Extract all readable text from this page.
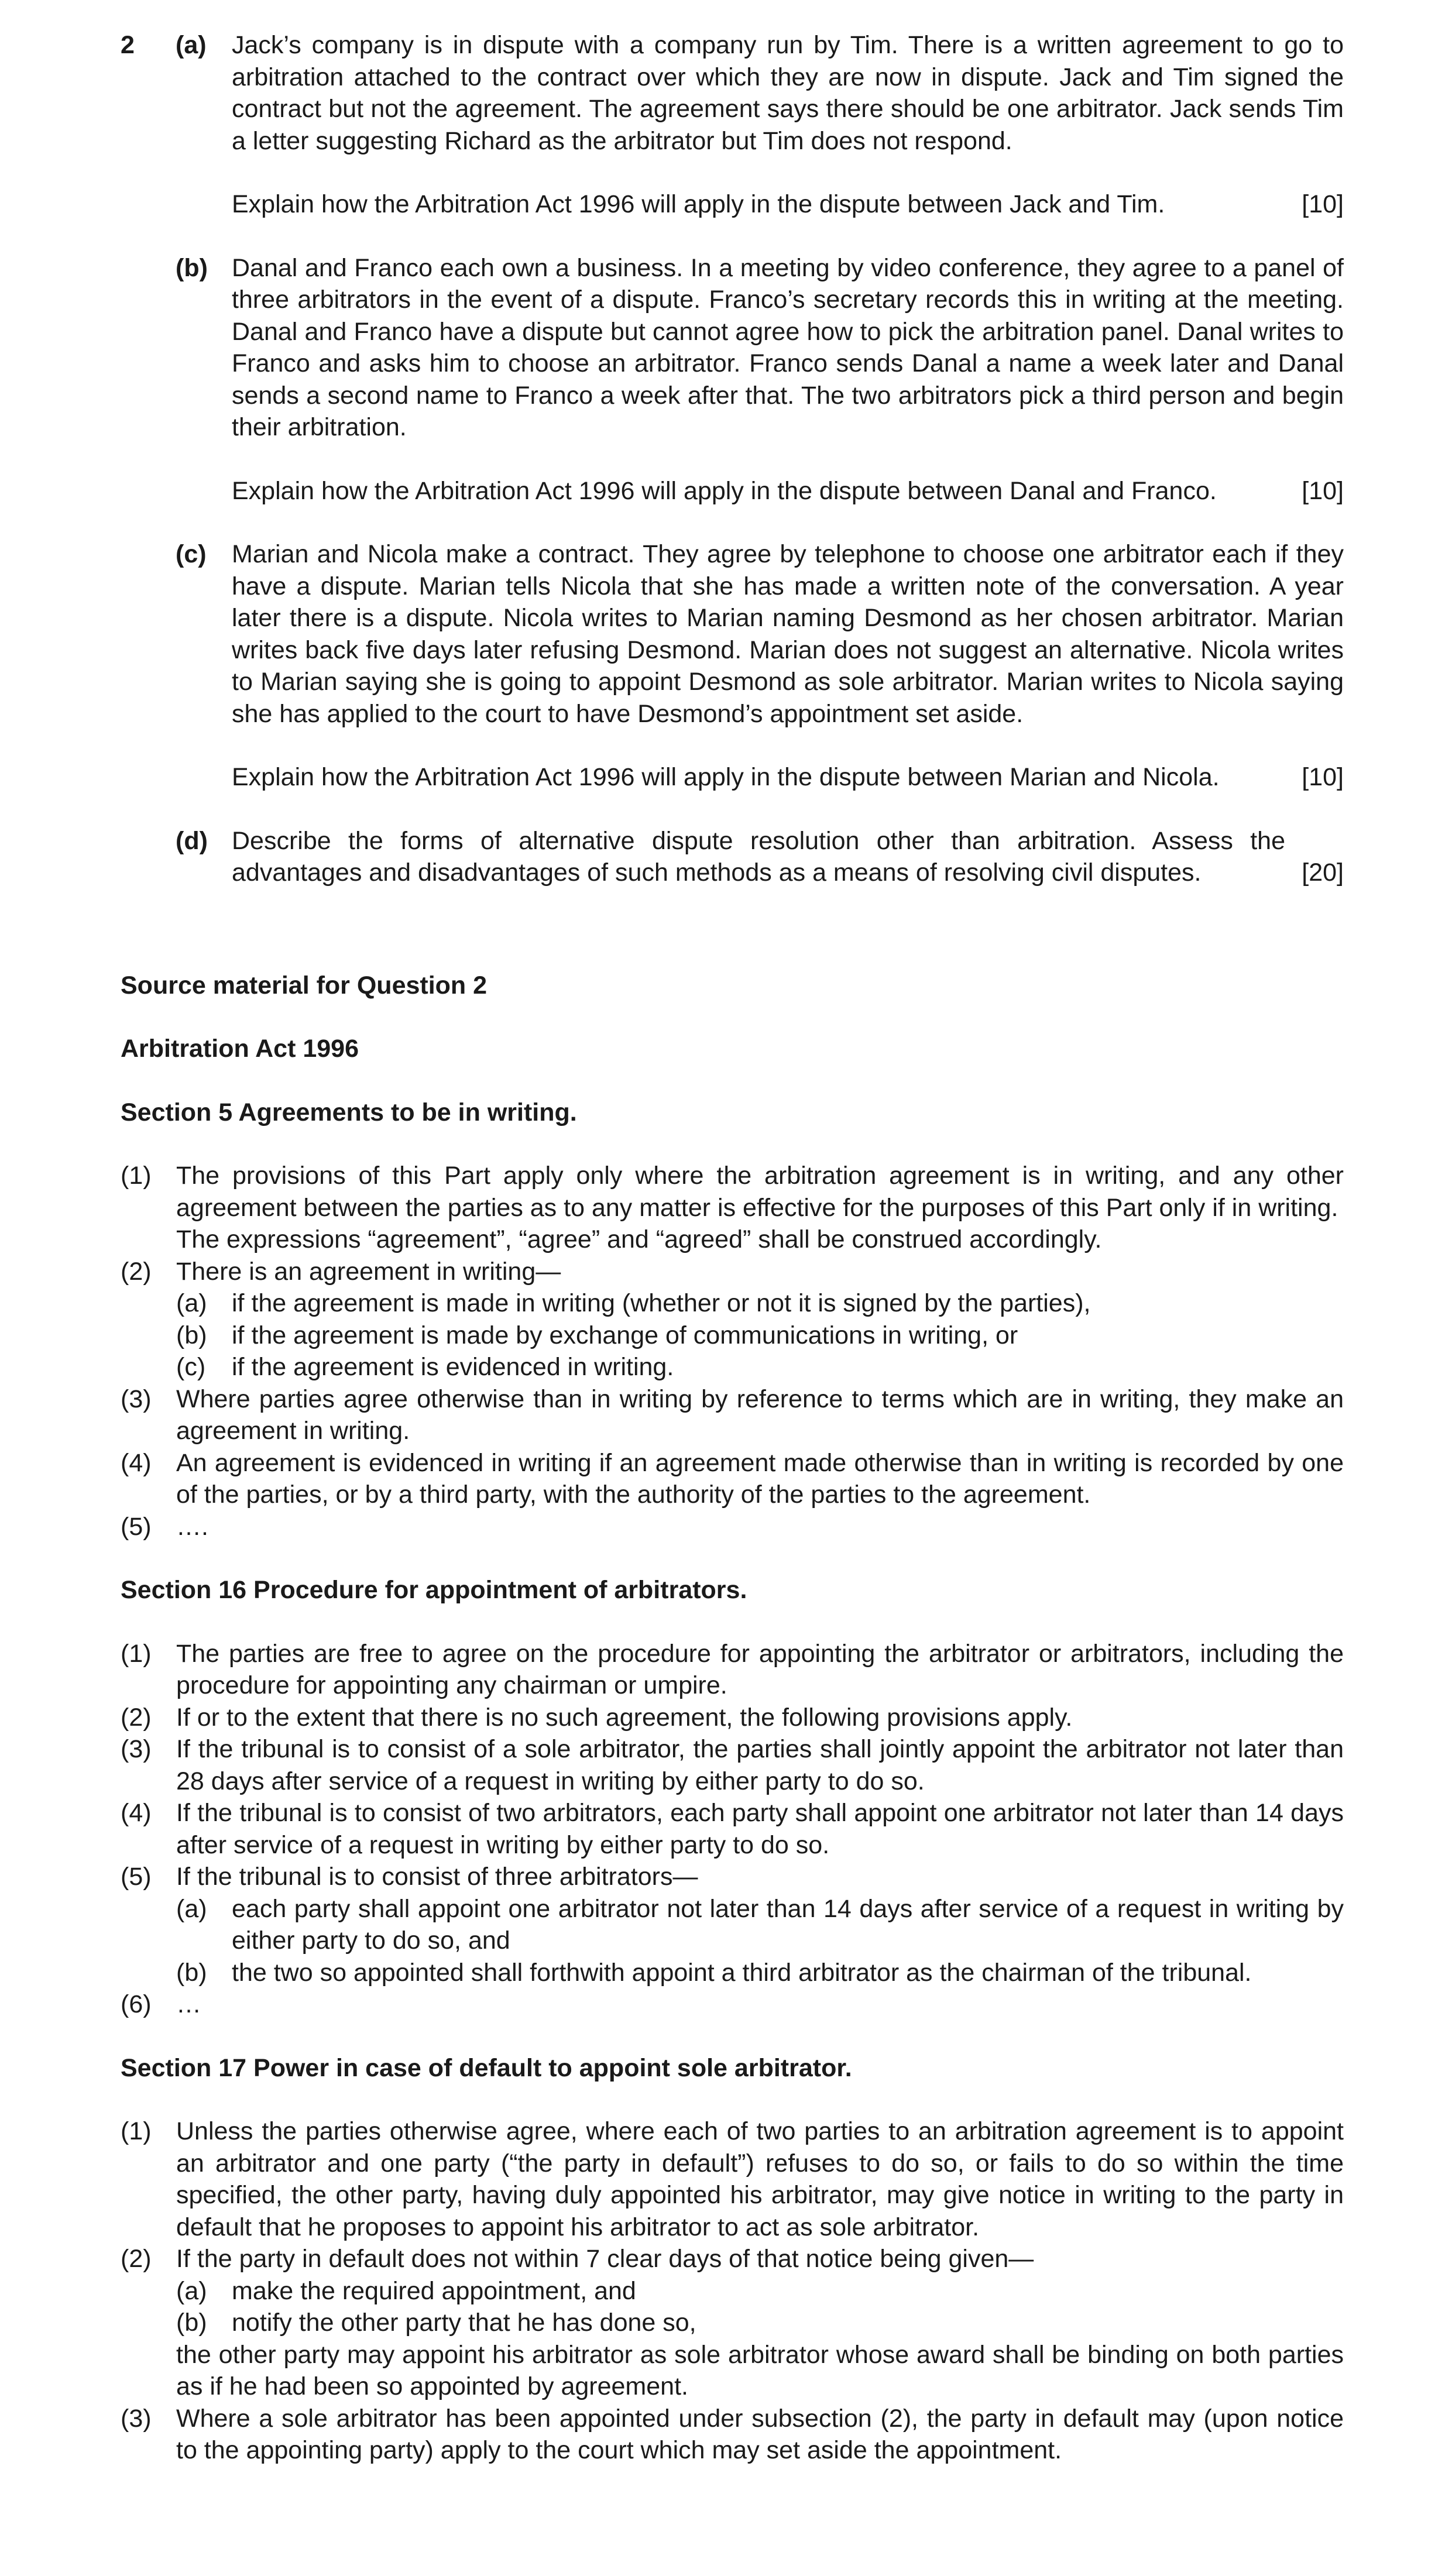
2 (a) Jack’s company is in dispute with a company run by Tim. There is a written agreement to go to arbitration attached to the contract over which they are now in dispute. Jack and Tim signed the contract but not the agreement. The agreement says there should be one arbitrator. Jack sends Tim a letter suggesting Richard as the arbitrator but Tim does not respond.

Explain how the Arbitration Act 1996 will apply in the dispute between Jack and Tim.	[10]
(b) Danal and Franco each own a business. In a meeting by video conference, they agree to a panel of three arbitrators in the event of a dispute. Franco’s secretary records this in writing at the meeting. Danal and Franco have a dispute but cannot agree how to pick the arbitration panel. Danal writes to Franco and asks him to choose an arbitrator. Franco sends Danal a name a week later and Danal sends a second name to Franco a week after that. The two arbitrators pick a third person and begin their arbitration.

Explain how the Arbitration Act 1996 will apply in the dispute between Danal and Franco.	[10]
(c) Marian and Nicola make a contract. They agree by telephone to choose one arbitrator each if they have a dispute. Marian tells Nicola that she has made a written note of the conversation. A year later there is a dispute. Nicola writes to Marian naming Desmond as her chosen arbitrator. Marian writes back five days later refusing Desmond. Marian does not suggest an alternative. Nicola writes to Marian saying she is going to appoint Desmond as sole arbitrator. Marian writes to Nicola saying she has applied to the court to have Desmond’s appointment set aside.

Explain how the Arbitration Act 1996 will apply in the dispute between Marian and Nicola.	[10]
(d) Describe the forms of alternative dispute resolution other than arbitration. Assess the advantages and disadvantages of such methods as a means of resolving civil disputes.	[20]

Source material for Question 2
Arbitration Act 1996
Section 5 Agreements to be in writing.
(1) The provisions of this Part apply only where the arbitration agreement is in writing, and any other agreement between the parties as to any matter is effective for the purposes of this Part only if in writing.

The expressions “agreement”, “agree” and “agreed” shall be construed accordingly.

(2) There is an agreement in writing—

(a) if the agreement is made in writing (whether or not it is signed by the parties),

(b) if the agreement is made by exchange of communications in writing, or

(c) if the agreement is evidenced in writing.

(3) Where parties agree otherwise than in writing by reference to terms which are in writing, they make an agreement in writing.

(4) An agreement is evidenced in writing if an agreement made otherwise than in writing is recorded by one of the parties, or by a third party, with the authority of the parties to the agreement.

(5) ….

Section 16 Procedure for appointment of arbitrators.
(1) The parties are free to agree on the procedure for appointing the arbitrator or arbitrators, including the procedure for appointing any chairman or umpire.

(2) If or to the extent that there is no such agreement, the following provisions apply.

(3) If the tribunal is to consist of a sole arbitrator, the parties shall jointly appoint the arbitrator not later than 28 days after service of a request in writing by either party to do so.

(4) If the tribunal is to consist of two arbitrators, each party shall appoint one arbitrator not later than 14 days after service of a request in writing by either party to do so.

(5) If the tribunal is to consist of three arbitrators—

(a) each party shall appoint one arbitrator not later than 14 days after service of a request in writing by either party to do so, and

(b) the two so appointed shall forthwith appoint a third arbitrator as the chairman of the tribunal.

(6) …

Section 17 Power in case of default to appoint sole arbitrator.
(1) Unless the parties otherwise agree, where each of two parties to an arbitration agreement is to appoint an arbitrator and one party (“the party in default”) refuses to do so, or fails to do so within the time specified, the other party, having duly appointed his arbitrator, may give notice in writing to the party in default that he proposes to appoint his arbitrator to act as sole arbitrator.

(2) If the party in default does not within 7 clear days of that notice being given—

(a) make the required appointment, and

(b) notify the other party that he has done so,

the other party may appoint his arbitrator as sole arbitrator whose award shall be binding on both parties as if he had been so appointed by agreement.

(3) Where a sole arbitrator has been appointed under subsection (2), the party in default may (upon notice to the appointing party) apply to the court which may set aside the appointment.
